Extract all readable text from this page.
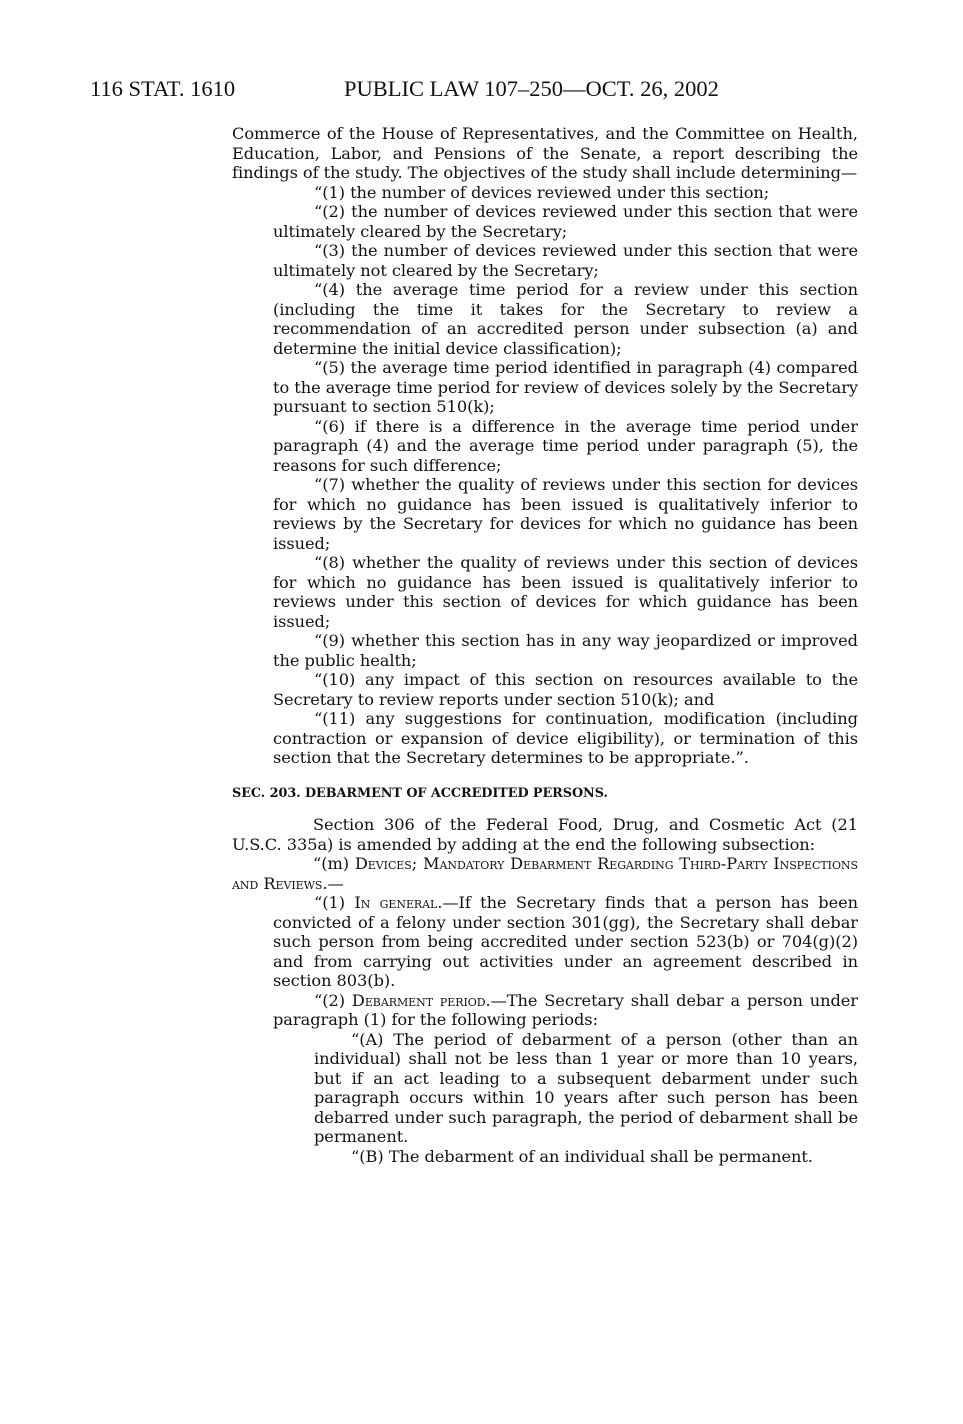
116 STAT. 1610	PUBLIC LAW 107–250—OCT. 26, 2002

Commerce of the House of Representatives, and the Committee on Health, Education, Labor, and Pensions of the Senate, a report describing the findings of the study. The objectives of the study shall include determining—

“(1) the number of devices reviewed under this section;

“(2) the number of devices reviewed under this section that were ultimately cleared by the Secretary;

“(3) the number of devices reviewed under this section that were ultimately not cleared by the Secretary;

“(4) the average time period for a review under this section (including the time it takes for the Secretary to review a recommendation of an accredited person under subsection (a) and determine the initial device classification);

“(5) the average time period identified in paragraph (4) compared to the average time period for review of devices solely by the Secretary pursuant to section 510(k);

“(6) if there is a difference in the average time period under paragraph (4) and the average time period under paragraph (5), the reasons for such difference;

“(7) whether the quality of reviews under this section for devices for which no guidance has been issued is qualitatively inferior to reviews by the Secretary for devices for which no guidance has been issued;

“(8) whether the quality of reviews under this section of devices for which no guidance has been issued is qualitatively inferior to reviews under this section of devices for which guidance has been issued;

“(9) whether this section has in any way jeopardized or improved the public health;

“(10) any impact of this section on resources available to the Secretary to review reports under section 510(k); and

“(11) any suggestions for continuation, modification (including contraction or expansion of device eligibility), or termination of this section that the Secretary determines to be appropriate.”.

SEC. 203. DEBARMENT OF ACCREDITED PERSONS.

Section 306 of the Federal Food, Drug, and Cosmetic Act (21 U.S.C. 335a) is amended by adding at the end the following subsection:

“(m) Devices; Mandatory Debarment Regarding Third-Party Inspections and Reviews.—

“(1) In general.—If the Secretary finds that a person has been convicted of a felony under section 301(gg), the Secretary shall debar such person from being accredited under section 523(b) or 704(g)(2) and from carrying out activities under an agreement described in section 803(b).

“(2) Debarment period.—The Secretary shall debar a person under paragraph (1) for the following periods:

“(A) The period of debarment of a person (other than an individual) shall not be less than 1 year or more than 10 years, but if an act leading to a subsequent debarment under such paragraph occurs within 10 years after such person has been debarred under such paragraph, the period of debarment shall be permanent.

“(B) The debarment of an individual shall be permanent.
